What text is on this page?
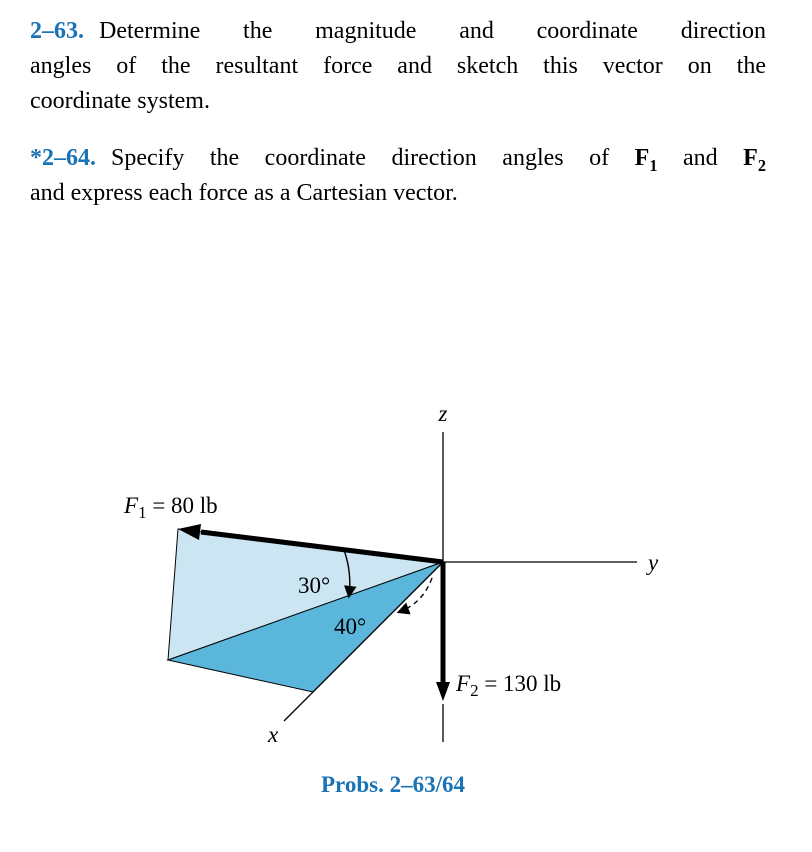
2–63. Determine the magnitude and coordinate direction
angles of the resultant force and sketch this vector on the
coordinate system.

*2–64. Specify the coordinate direction angles of $F_1$ and $F_2$
and express each force as a Cartesian vector.

z
y
x
30°
40°
$F_1 = 80$ lb
$F_2 = 130$ lb
Probs. 2–63/64
